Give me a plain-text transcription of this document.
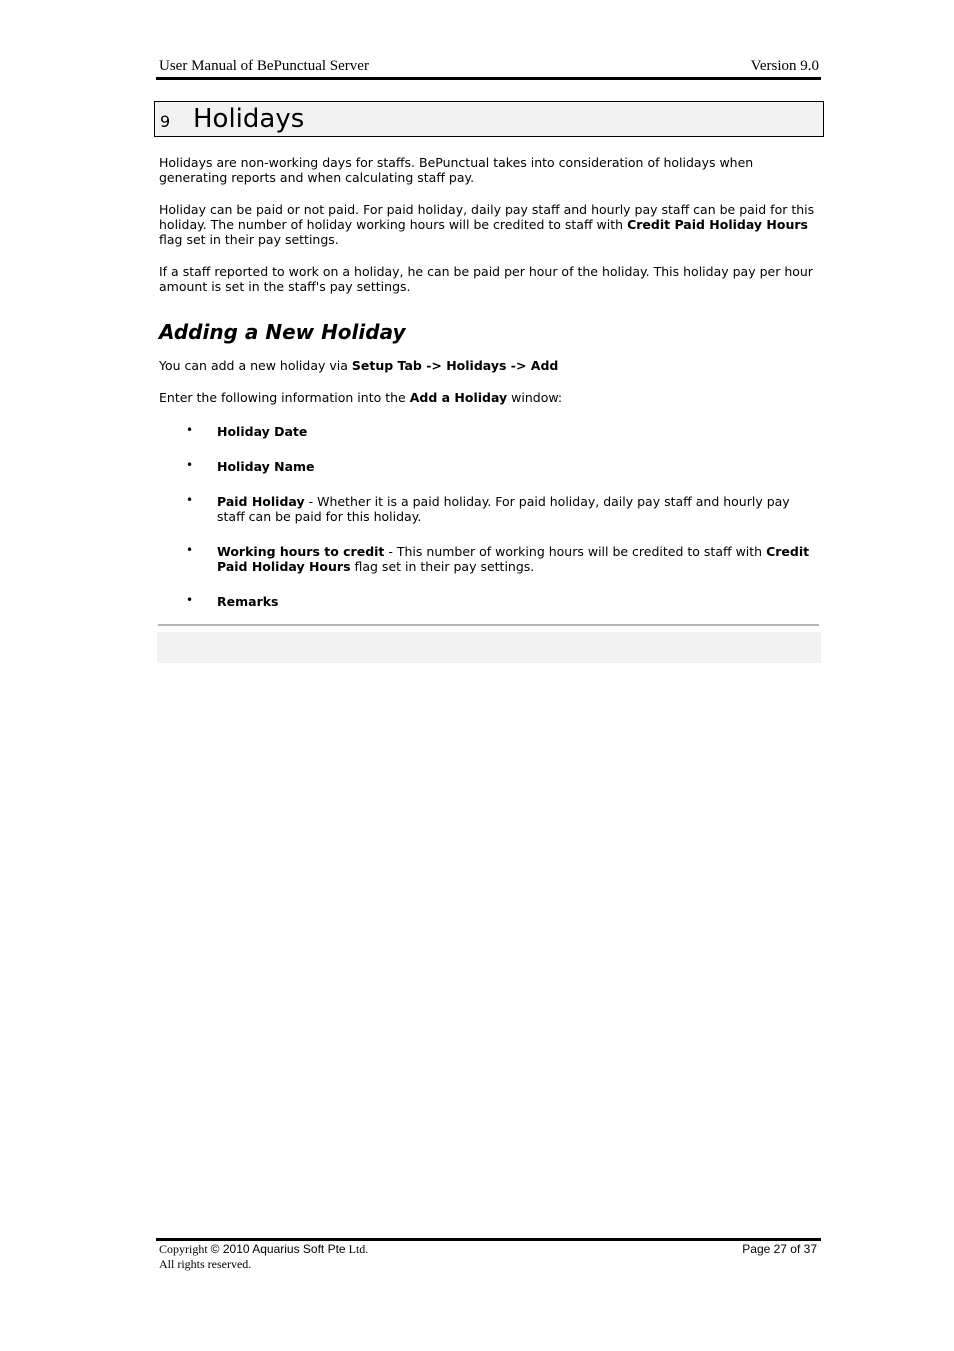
User Manual of BePunctual Server	Version 9.0
9 Holidays

Holidays are non-working days for staffs. BePunctual takes into consideration of holidays when generating reports and when calculating staff pay.

Holiday can be paid or not paid. For paid holiday, daily pay staff and hourly pay staff can be paid for this holiday. The number of holiday working hours will be credited to staff with Credit Paid Holiday Hours flag set in their pay settings.

If a staff reported to work on a holiday, he can be paid per hour of the holiday. This holiday pay per hour amount is set in the staff's pay settings.

Adding a New Holiday

You can add a new holiday via Setup Tab -> Holidays -> Add

Enter the following information into the Add a Holiday window:

• Holiday Date

• Holiday Name

• Paid Holiday - Whether it is a paid holiday. For paid holiday, daily pay staff and hourly pay staff can be paid for this holiday.

• Working hours to credit - This number of working hours will be credited to staff with Credit Paid Holiday Hours flag set in their pay settings.

• Remarks

Copyright © 2010 Aquarius Soft Pte Ltd.
All rights reserved.
Page 27 of 37
